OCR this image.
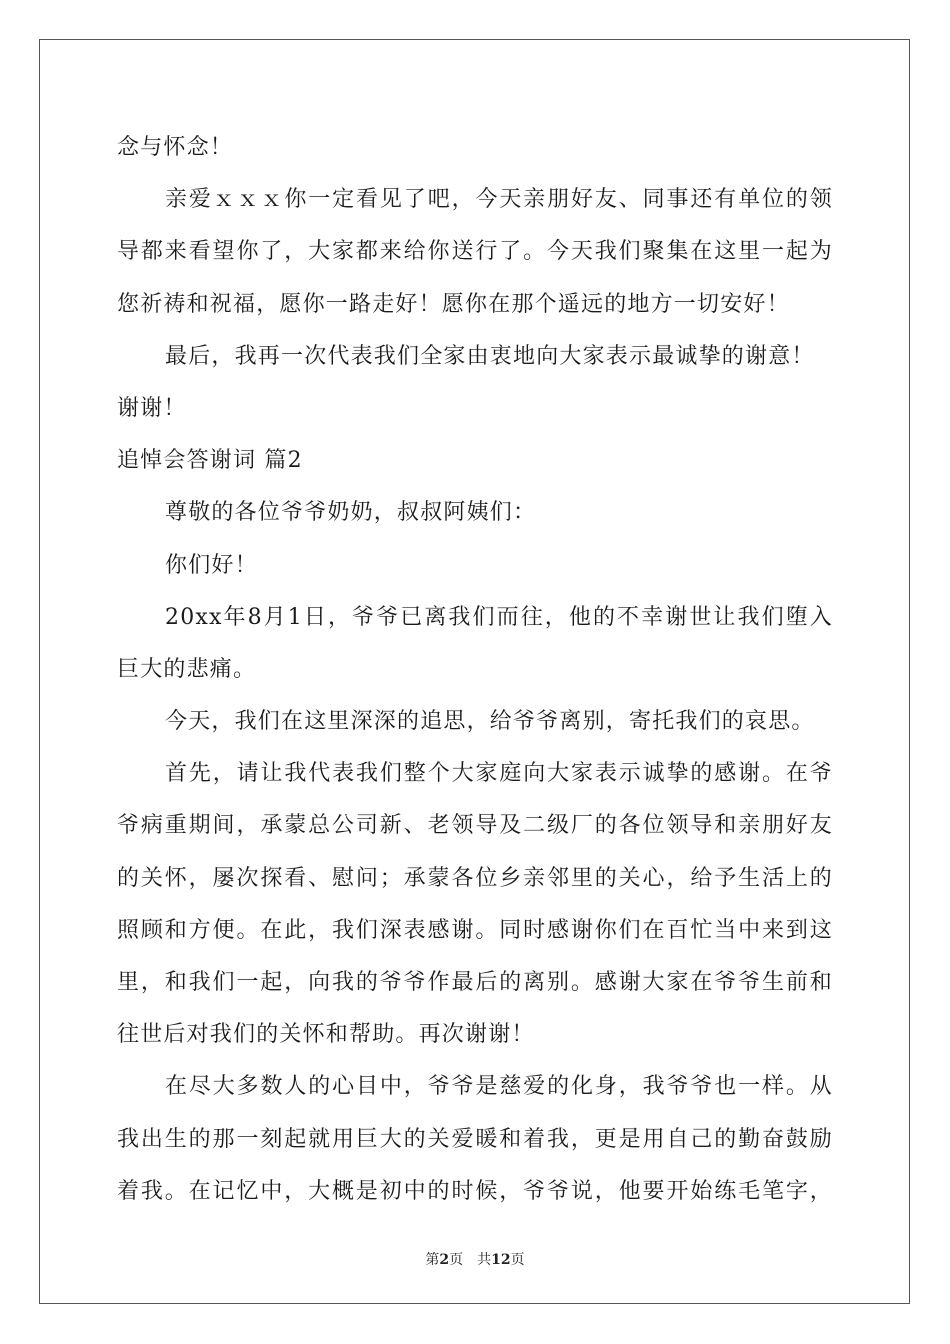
念与怀念！
亲爱ｘｘｘ你一定看见了吧，今天亲朋好友、同事还有单位的领
导都来看望你了，大家都来给你送行了。今天我们聚集在这里一起为
您祈祷和祝福，愿你一路走好！愿你在那个遥远的地方一切安好！
最后，我再一次代表我们全家由衷地向大家表示最诚挚的谢意！
谢谢！
追悼会答谢词 篇2
尊敬的各位爷爷奶奶，叔叔阿姨们：
你们好！
20xx年8月1日，爷爷已离我们而往，他的不幸谢世让我们堕入
巨大的悲痛。
今天，我们在这里深深的追思，给爷爷离别，寄托我们的哀思。
首先，请让我代表我们整个大家庭向大家表示诚挚的感谢。在爷
爷病重期间，承蒙总公司新、老领导及二级厂的各位领导和亲朋好友
的关怀，屡次探看、慰问；承蒙各位乡亲邻里的关心，给予生活上的
照顾和方便。在此，我们深表感谢。同时感谢你们在百忙当中来到这
里，和我们一起，向我的爷爷作最后的离别。感谢大家在爷爷生前和
往世后对我们的关怀和帮助。再次谢谢！
在尽大多数人的心目中，爷爷是慈爱的化身，我爷爷也一样。从
我出生的那一刻起就用巨大的关爱暖和着我，更是用自己的勤奋鼓励
着我。在记忆中，大概是初中的时候，爷爷说，他要开始练毛笔字，
第2页 共12页
